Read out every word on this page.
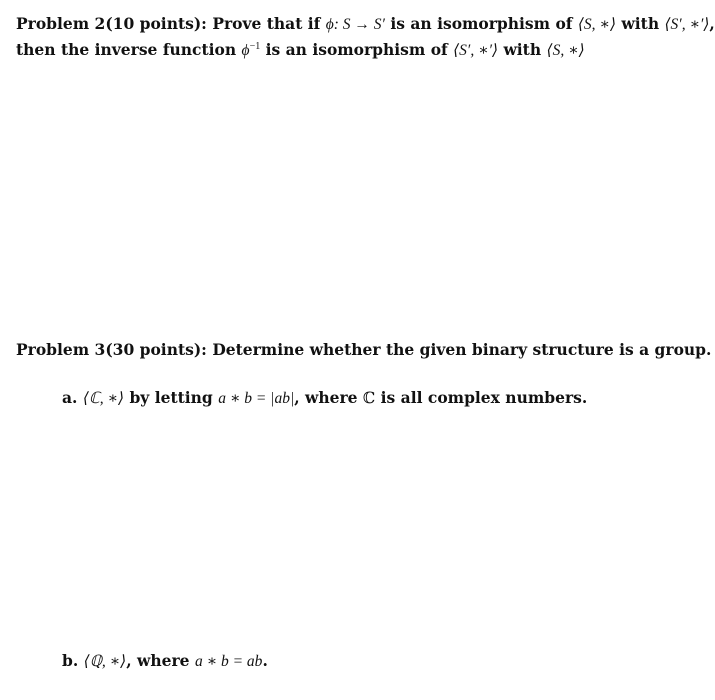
Problem 2(10 points): Prove that if ϕ: S → S′ is an isomorphism of ⟨S, ∗⟩ with ⟨S′, ∗′⟩,
then the inverse function $\phi^{-1}$ is an isomorphism of ⟨S′, ∗′⟩ with ⟨S, ∗⟩
Problem 3(30 points): Determine whether the given binary structure is a group.
a. ⟨ℂ, ∗⟩ by letting a ∗ b = |ab|, where ℂ is all complex numbers.
b. ⟨ℚ, ∗⟩, where a ∗ b = ab.
